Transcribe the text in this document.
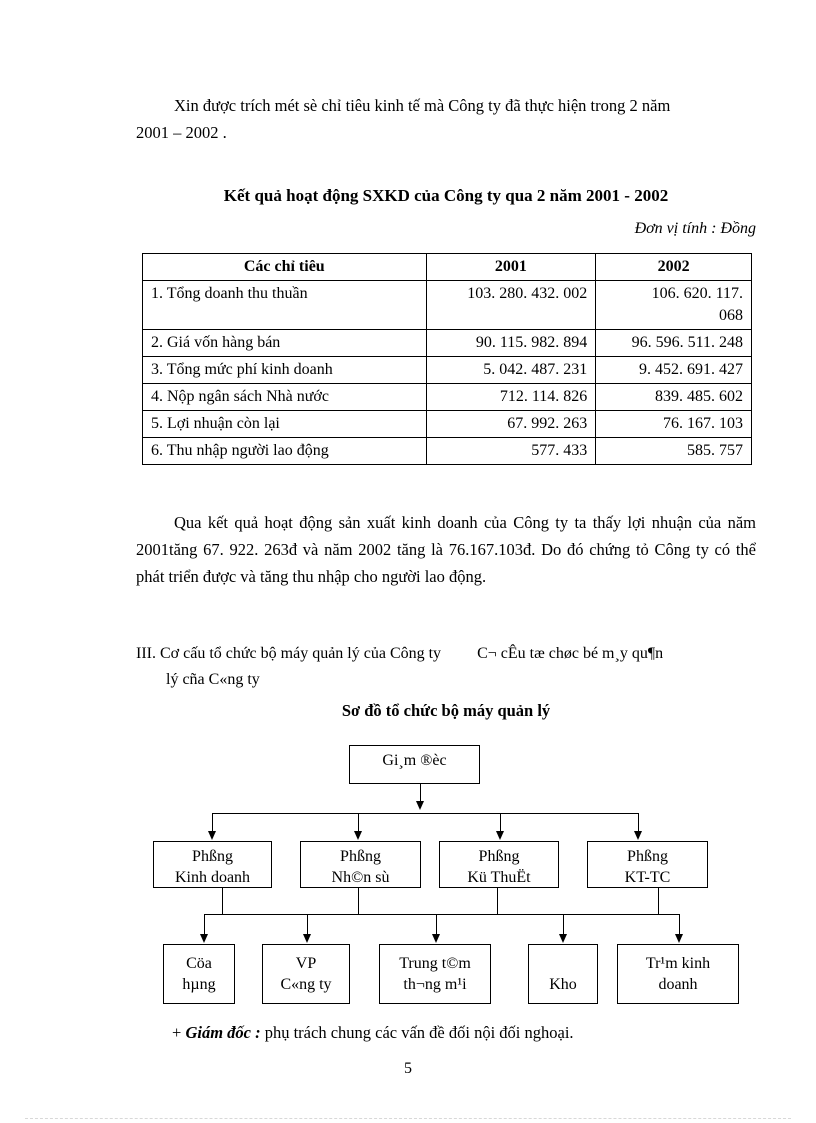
Xin được trích mét sè chỉ tiêu kinh tế mà Công ty đã thực hiện trong 2 năm
2001 – 2002 .
Kết quả hoạt động SXKD của Công ty qua 2 năm 2001 - 2002
Đơn vị tính : Đồng
Các chỉ tiêu	2001	2002
1. Tổng doanh thu thuần	103. 280. 432. 002	106. 620. 117.
068

2. Giá vốn hàng bán	90. 115. 982. 894	96. 596. 511. 248
3. Tổng mức phí kinh doanh	5. 042. 487. 231	9. 452. 691. 427
4. Nộp ngân sách Nhà nước	712. 114. 826	839. 485. 602
5. Lợi nhuận còn lại	67. 992. 263	76. 167. 103
6. Thu nhập người lao động	577. 433	585. 757
Qua kết quả hoạt động sản xuất kinh doanh của Công ty ta thấy lợi nhuận của năm 2001tăng 67. 922. 263đ và năm 2002 tăng là 76.167.103đ. Do đó chứng tỏ Công ty có thể phát triển được và tăng thu nhập cho người lao động.
III. Cơ cấu tổ chức bộ máy quản lý của Công ty C¬ cÊu tæ chøc bé m¸y qu¶n
lý cña C«ng ty
Sơ đồ tổ chức bộ máy quản lý
Gi¸m ®èc
Phßng
Kinh doanh
Phßng
Nh©n sù
Phßng
Kü ThuËt
Phßng
KT-TC
Cöa
hµng
VP
C«ng ty
Trung t©m
th¬ng m¹i	Kho
Tr¹m kinh
doanh
+ Giám đốc : phụ trách chung các vấn đề đối nội đối nghoại.
5
